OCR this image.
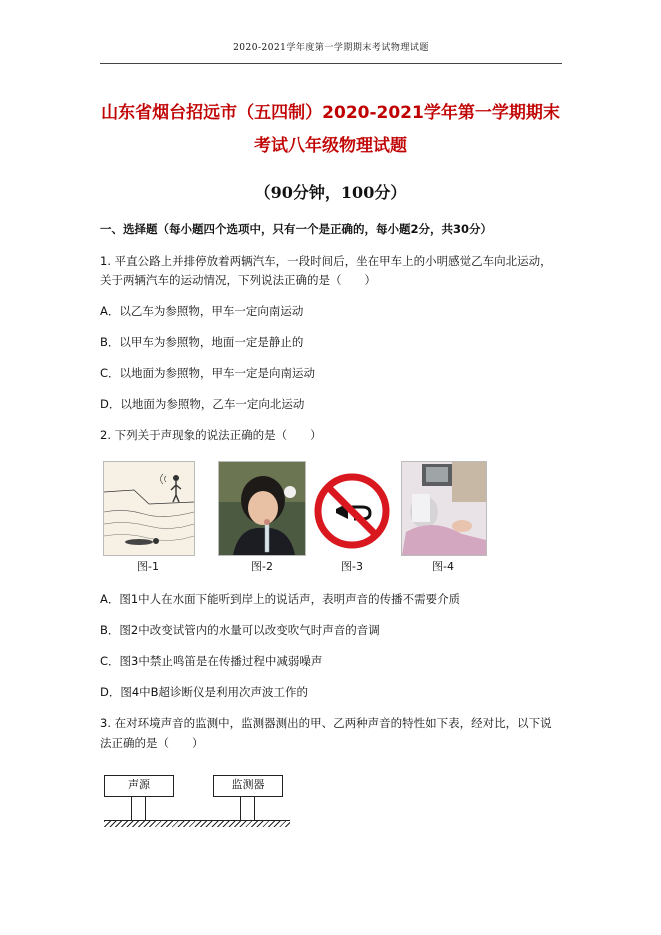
2020-2021学年度第一学期期末考试物理试题
山东省烟台招远市（五四制）2020-2021学年第一学期期末
考试八年级物理试题
（90分钟，100分）
一、选择题（每小题四个选项中，只有一个是正确的，每小题2分，共30分）
1. 平直公路上并排停放着两辆汽车，一段时间后，坐在甲车上的小明感觉乙车向北运动，
关于两辆汽车的运动情况，下列说法正确的是（　　）
A．以乙车为参照物，甲车一定向南运动
B．以甲车为参照物，地面一定是静止的
C．以地面为参照物，甲车一定是向南运动
D．以地面为参照物，乙车一定向北运动
2. 下列关于声现象的说法正确的是（　　）
图-1	图-2	图-3	图-4
A．图1中人在水面下能听到岸上的说话声，表明声音的传播不需要介质
B．图2中改变试管内的水量可以改变吹气时声音的音调
C．图3中禁止鸣笛是在传播过程中减弱噪声
D．图4中B超诊断仪是利用次声波工作的
3. 在对环境声音的监测中，监测器测出的甲、乙两种声音的特性如下表，经对比，以下说
法正确的是（　　）
声源	监测器
